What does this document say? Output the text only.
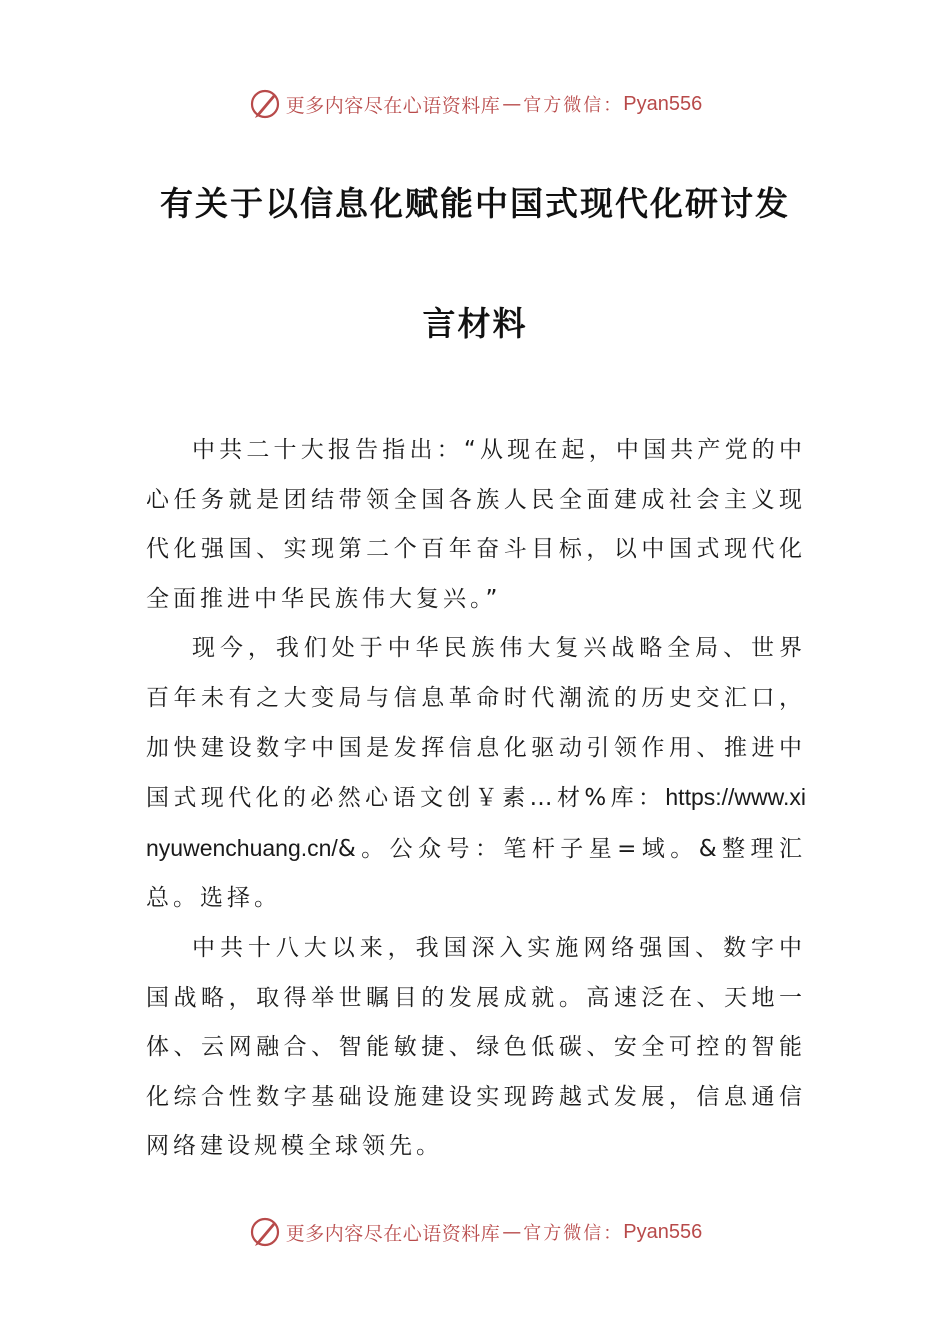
更多内容尽在心语资料库 — 官方微信： Pyan556
有关于以信息化赋能中国式现代化研讨发
言材料

中共二十大报告指出：“从现在起，中国共产党的中心任务就是团结带领全国各族人民全面建成社会主义现代化强国、实现第二个百年奋斗目标，以中国式现代化全面推进中华民族伟大复兴。”

现今，我们处于中华民族伟大复兴战略全局、世界百年未有之大变局与信息革命时代潮流的历史交汇口，加快建设数字中国是发挥信息化驱动引领作用、推进中国式现代化的必然心语文创￥素…材%库：https://www.xinyuwenchuang.cn/&。公众号：笔杆子星=域。&整理汇总。选择。

中共十八大以来，我国深入实施网络强国、数字中国战略，取得举世瞩目的发展成就。高速泛在、天地一体、云网融合、智能敏捷、绿色低碳、安全可控的智能化综合性数字基础设施建设实现跨越式发展，信息通信网络建设规模全球领先。

更多内容尽在心语资料库 — 官方微信： Pyan556
